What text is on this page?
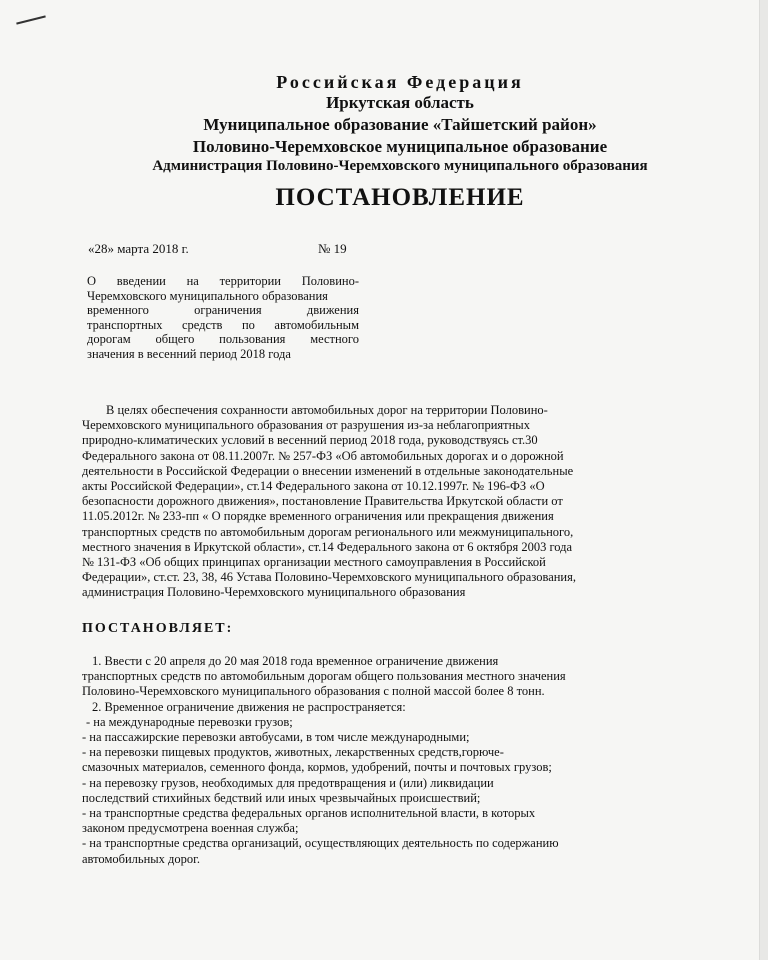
Российская Федерация
Иркутская область
Муниципальное образование «Тайшетский район»
Половино-Черемховское муниципальное образование
Администрация Половино-Черемховского муниципального образования
ПОСТАНОВЛЕНИЕ
«28» марта 2018 г.	№ 19
О введении на территории Половино-
Черемховского муниципального образования
временного ограничения движения
транспортных средств по автомобильным
дорогам общего пользования местного
значения в весенний период 2018 года
В целях обеспечения сохранности автомобильных дорог на территории Половино-
Черемховского муниципального образования от разрушения из-за неблагоприятных
природно-климатических условий в весенний период 2018 года, руководствуясь ст.30
Федерального закона от 08.11.2007г. № 257-ФЗ «Об автомобильных дорогах и о дорожной
деятельности в Российской Федерации о внесении изменений в отдельные законодательные
акты Российской Федерации», ст.14 Федерального закона от 10.12.1997г. № 196-ФЗ «О
безопасности дорожного движения», постановление Правительства Иркутской области от
11.05.2012г. № 233-пп « О порядке временного ограничения или прекращения движения
транспортных средств по автомобильным дорогам регионального или межмуниципального,
местного значения в Иркутской области», ст.14 Федерального закона от 6 октября 2003 года
№ 131-ФЗ «Об общих принципах организации местного самоуправления в Российской
Федерации», ст.ст. 23, 38, 46 Устава Половино-Черемховского муниципального образования,
администрация Половино-Черемховского муниципального образования
ПОСТАНОВЛЯЕТ:
1. Ввести с 20 апреля до 20 мая 2018 года временное ограничение движения
транспортных средств по автомобильным дорогам общего пользования местного значения
Половино-Черемховского муниципального образования с полной массой более 8 тонн.
2. Временное ограничение движения не распространяется:
- на международные перевозки грузов;
- на пассажирские перевозки автобусами, в том числе международными;
- на перевозки пищевых продуктов, животных, лекарственных средств,горюче-
смазочных материалов, семенного фонда, кормов, удобрений, почты и почтовых грузов;
- на перевозку грузов, необходимых для предотвращения и (или) ликвидации
последствий стихийных бедствий или иных чрезвычайных происшествий;
- на транспортные средства федеральных органов исполнительной власти, в которых
законом предусмотрена военная служба;
- на транспортные средства организаций, осуществляющих деятельность по содержанию
автомобильных дорог.
